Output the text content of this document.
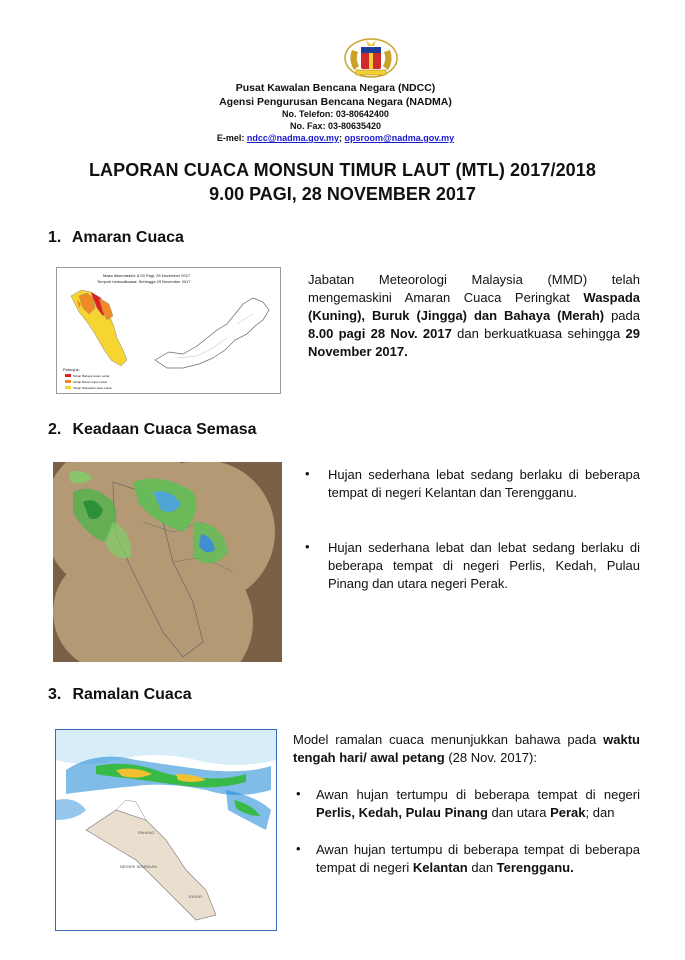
Pusat Kawalan Bencana Negara (NDCC)
Agensi Pengurusan Bencana Negara (NADMA)
No. Telefon: 03-80642400
No. Fax: 03-80635420
E-mel: ndcc@nadma.gov.my; opsroom@nadma.gov.my
LAPORAN CUACA MONSUN TIMUR LAUT (MTL) 2017/2018
9.00 PAGI, 28 NOVEMBER 2017
1. Amaran Cuaca
Masa dikemaskini: 8.00 Pagi, 28 November 2017
Tempoh berkuatkuasa: Sehingga 29 November 2017
Petunjuk:
Tahap Bahaya Hujan Lebat
Tahap Buruk Hujan Lebat
Tahap Waspada Hujan Lebat
Jabatan Meteorologi Malaysia (MMD) telah mengemaskini Amaran Cuaca Peringkat Waspada (Kuning), Buruk (Jingga) dan Bahaya (Merah) pada 8.00 pagi 28 Nov. 2017 dan berkuatkuasa sehingga 29 November 2017.
2. Keadaan Cuaca Semasa
• Hujan sederhana lebat sedang berlaku di beberapa tempat di negeri Kelantan dan Terengganu.
• Hujan sederhana lebat dan lebat sedang berlaku di beberapa tempat di negeri Perlis, Kedah, Pulau Pinang dan utara negeri Perak.
3. Ramalan Cuaca
PAHANG
NEGERI SEMBILAN
JOHOR
Model ramalan cuaca menunjukkan bahawa pada waktu tengah hari/ awal petang (28 Nov. 2017):
• Awan hujan tertumpu di beberapa tempat di negeri Perlis, Kedah, Pulau Pinang dan utara Perak; dan
• Awan hujan tertumpu di beberapa tempat di beberapa tempat di negeri Kelantan dan Terengganu.
